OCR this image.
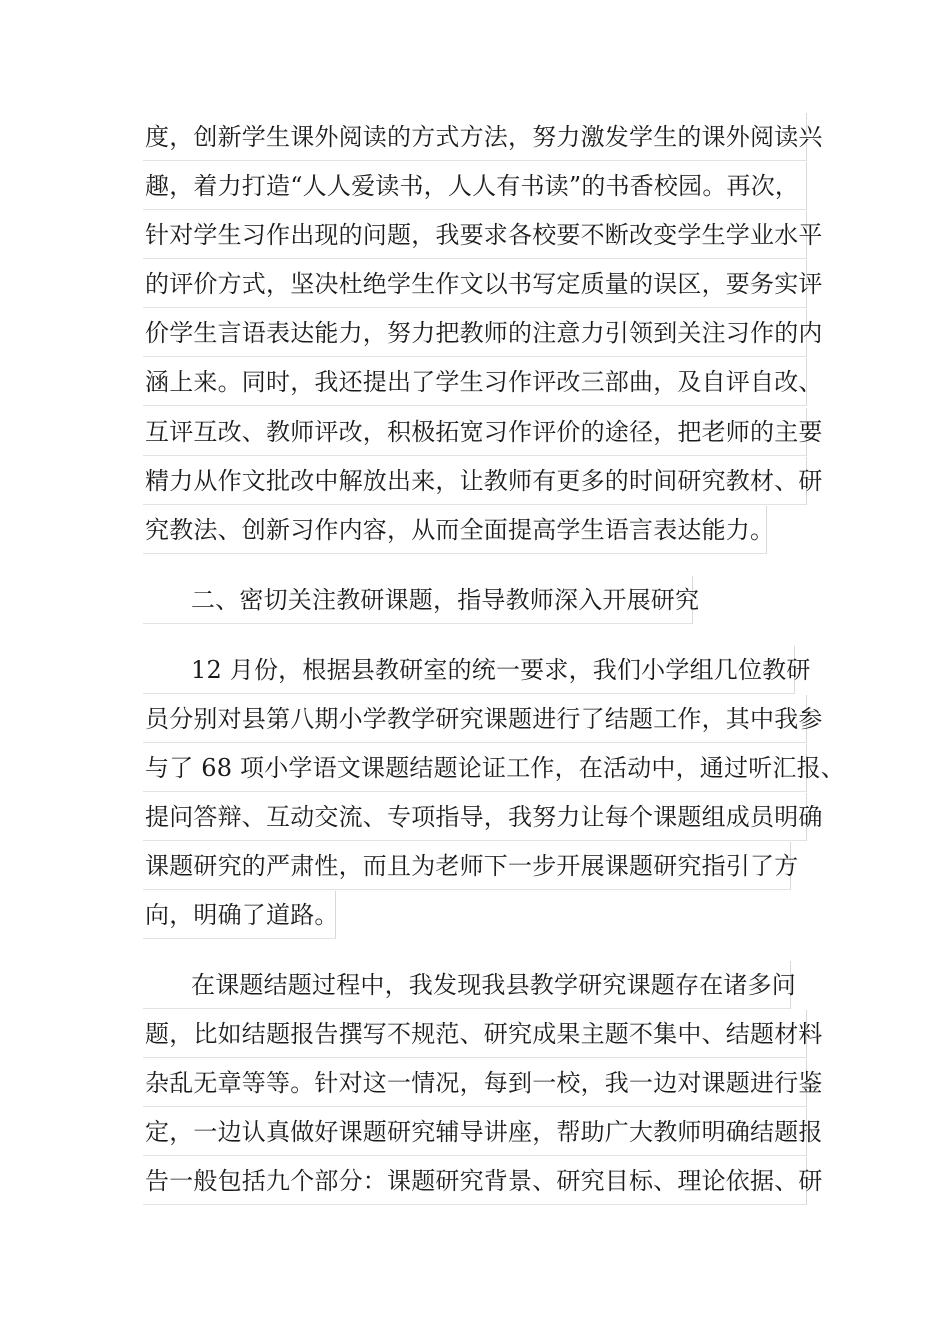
度，创新学生课外阅读的方式方法，努力激发学生的课外阅读兴
趣，着力打造“人人爱读书，人人有书读”的书香校园。再次，
针对学生习作出现的问题，我要求各校要不断改变学生学业水平
的评价方式，坚决杜绝学生作文以书写定质量的误区，要务实评
价学生言语表达能力，努力把教师的注意力引领到关注习作的内
涵上来。同时，我还提出了学生习作评改三部曲，及自评自改、
互评互改、教师评改，积极拓宽习作评价的途径，把老师的主要
精力从作文批改中解放出来，让教师有更多的时间研究教材、研
究教法、创新习作内容，从而全面提高学生语言表达能力。
二、密切关注教研课题，指导教师深入开展研究
12 月份，根据县教研室的统一要求，我们小学组几位教研
员分别对县第八期小学教学研究课题进行了结题工作，其中我参
与了 68 项小学语文课题结题论证工作，在活动中，通过听汇报、
提问答辩、互动交流、专项指导，我努力让每个课题组成员明确
课题研究的严肃性，而且为老师下一步开展课题研究指引了方
向，明确了道路。
在课题结题过程中，我发现我县教学研究课题存在诸多问
题，比如结题报告撰写不规范、研究成果主题不集中、结题材料
杂乱无章等等。针对这一情况，每到一校，我一边对课题进行鉴
定，一边认真做好课题研究辅导讲座，帮助广大教师明确结题报
告一般包括九个部分：课题研究背景、研究目标、理论依据、研
